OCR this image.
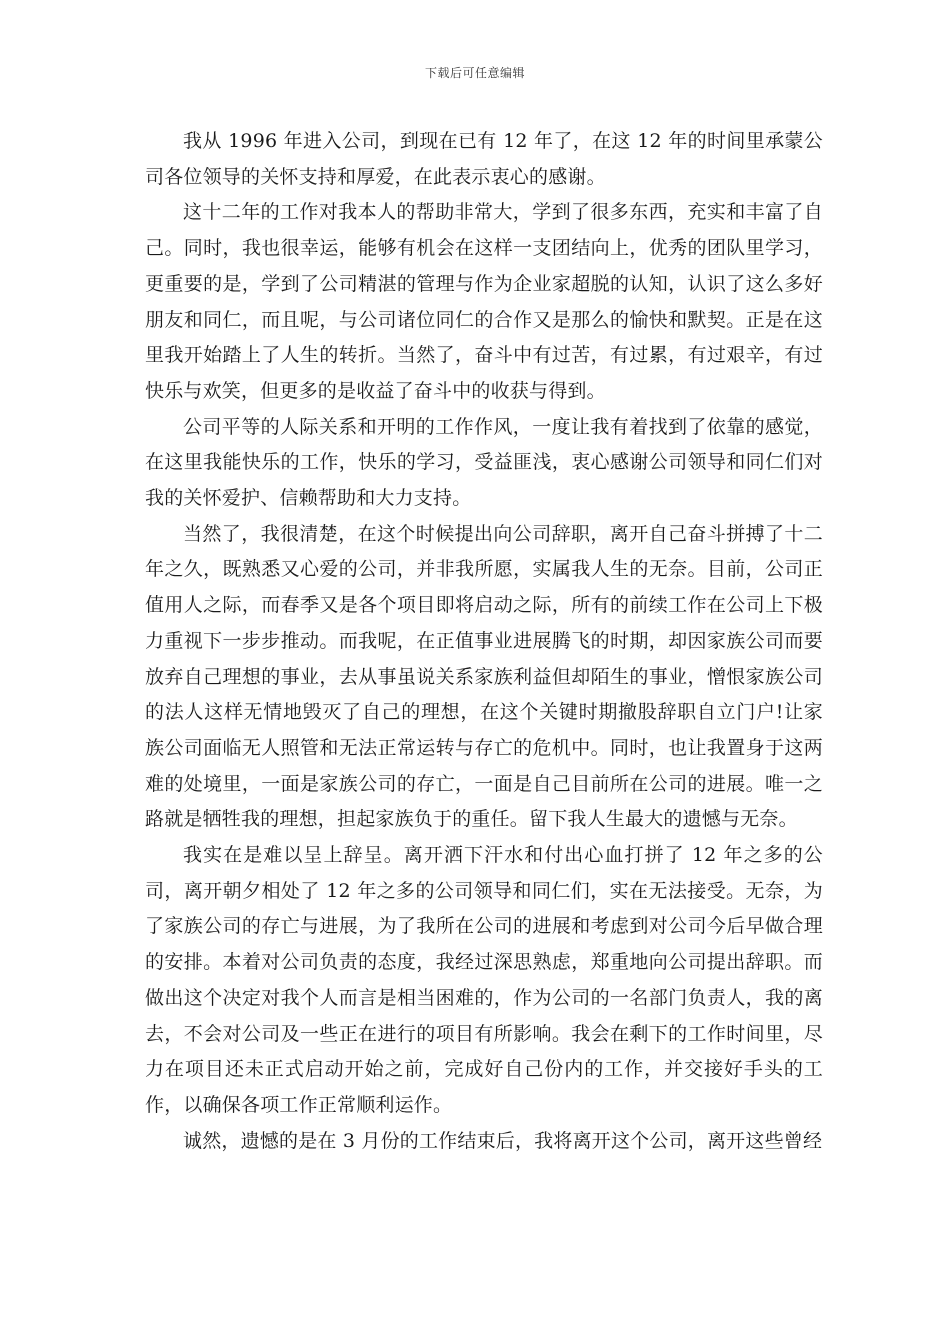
下载后可任意编辑

我从 1996 年进入公司，到现在已有 12 年了，在这 12 年的时间里承蒙公司各位领导的关怀支持和厚爱，在此表示衷心的感谢。

这十二年的工作对我本人的帮助非常大，学到了很多东西，充实和丰富了自己。同时，我也很幸运，能够有机会在这样一支团结向上，优秀的团队里学习，更重要的是，学到了公司精湛的管理与作为企业家超脱的认知，认识了这么多好朋友和同仁，而且呢，与公司诸位同仁的合作又是那么的愉快和默契。正是在这里我开始踏上了人生的转折。当然了，奋斗中有过苦，有过累，有过艰辛，有过快乐与欢笑，但更多的是收益了奋斗中的收获与得到。

公司平等的人际关系和开明的工作作风，一度让我有着找到了依靠的感觉，在这里我能快乐的工作，快乐的学习，受益匪浅，衷心感谢公司领导和同仁们对我的关怀爱护、信赖帮助和大力支持。

当然了，我很清楚，在这个时候提出向公司辞职，离开自己奋斗拼搏了十二年之久，既熟悉又心爱的公司，并非我所愿，实属我人生的无奈。目前，公司正值用人之际，而春季又是各个项目即将启动之际，所有的前续工作在公司上下极力重视下一步步推动。而我呢，在正值事业进展腾飞的时期，却因家族公司而要放弃自己理想的事业，去从事虽说关系家族利益但却陌生的事业，憎恨家族公司的法人这样无情地毁灭了自己的理想，在这个关键时期撤股辞职自立门户!让家族公司面临无人照管和无法正常运转与存亡的危机中。同时，也让我置身于这两难的处境里，一面是家族公司的存亡，一面是自己目前所在公司的进展。唯一之路就是牺牲我的理想，担起家族负于的重任。留下我人生最大的遗憾与无奈。

我实在是难以呈上辞呈。离开洒下汗水和付出心血打拼了 12 年之多的公司，离开朝夕相处了 12 年之多的公司领导和同仁们，实在无法接受。无奈，为了家族公司的存亡与进展，为了我所在公司的进展和考虑到对公司今后早做合理的安排。本着对公司负责的态度，我经过深思熟虑，郑重地向公司提出辞职。而做出这个决定对我个人而言是相当困难的，作为公司的一名部门负责人，我的离去，不会对公司及一些正在进行的项目有所影响。我会在剩下的工作时间里，尽力在项目还未正式启动开始之前，完成好自己份内的工作，并交接好手头的工作，以确保各项工作正常顺利运作。

诚然，遗憾的是在 3 月份的工作结束后，我将离开这个公司，离开这些曾经
